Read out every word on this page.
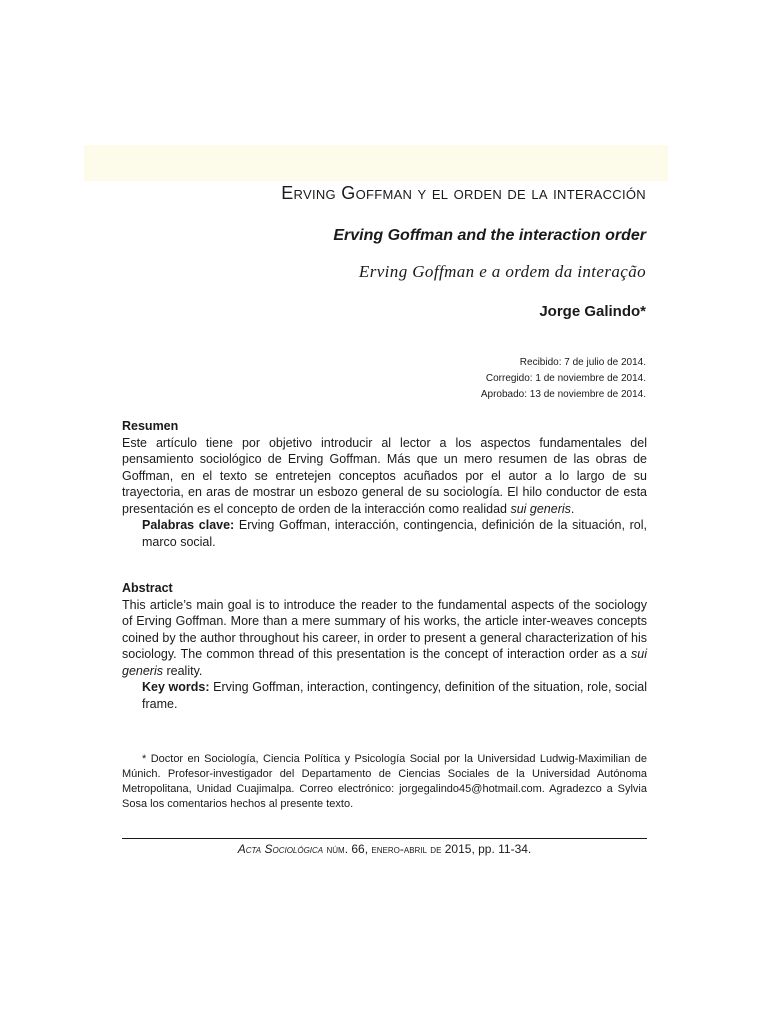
Erving Goffman y el orden de la interacción
Erving Goffman and the interaction order
Erving Goffman e a ordem da interação
Jorge Galindo*
Recibido: 7 de julio de 2014.
Corregido: 1 de noviembre de 2014.
Aprobado: 13 de noviembre de 2014.
Resumen
Este artículo tiene por objetivo introducir al lector a los aspectos fundamentales del pensamiento sociológico de Erving Goffman. Más que un mero resumen de las obras de Goffman, en el texto se entretejen conceptos acuñados por el autor a lo largo de su trayectoria, en aras de mostrar un esbozo general de su sociología. El hilo conductor de esta presentación es el concepto de orden de la interacción como realidad sui generis.
Palabras clave: Erving Goffman, interacción, contingencia, definición de la situación, rol, marco social.
Abstract
This article’s main goal is to introduce the reader to the fundamental aspects of the sociology of Erving Goffman. More than a mere summary of his works, the article inter-weaves concepts coined by the author throughout his career, in order to present a general characterization of his sociology. The common thread of this presentation is the concept of interaction order as a sui generis reality.
Key words: Erving Goffman, interaction, contingency, definition of the situation, role, social frame.
* Doctor en Sociología, Ciencia Política y Psicología Social por la Universidad Ludwig-Maximilian de Múnich. Profesor-investigador del Departamento de Ciencias Sociales de la Universidad Autónoma Metropolitana, Unidad Cuajimalpa. Correo electrónico: jorgegalindo45@hotmail.com. Agradezco a Sylvia Sosa los comentarios hechos al presente texto.
Acta Sociológica núm. 66, enero-abril de 2015, pp. 11-34.
